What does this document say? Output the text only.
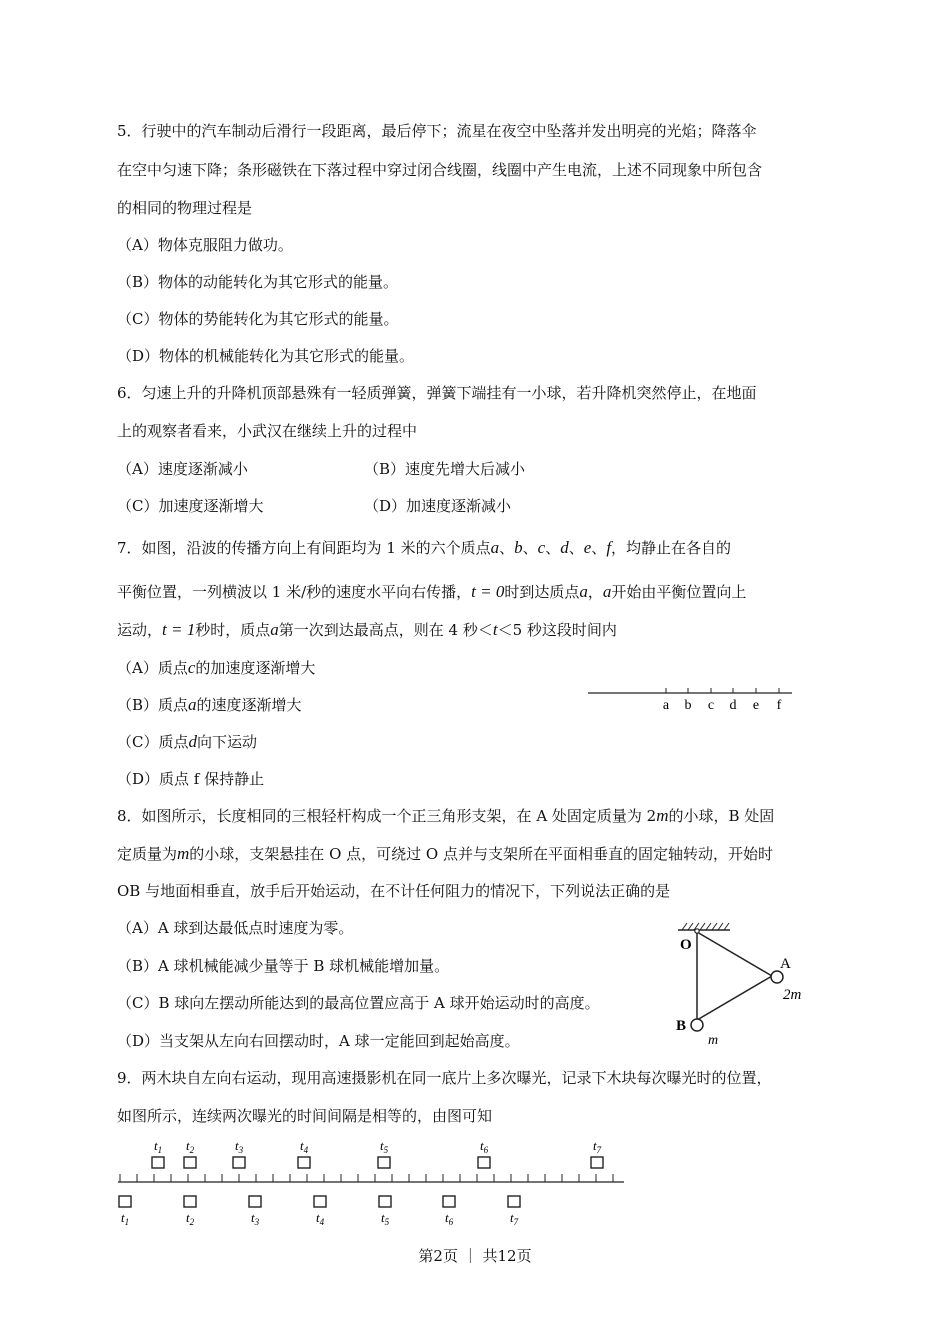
5．行驶中的汽车制动后滑行一段距离，最后停下；流星在夜空中坠落并发出明亮的光焰；降落伞
在空中匀速下降；条形磁铁在下落过程中穿过闭合线圈，线圈中产生电流，上述不同现象中所包含
的相同的物理过程是
（A）物体克服阻力做功。
（B）物体的动能转化为其它形式的能量。
（C）物体的势能转化为其它形式的能量。
（D）物体的机械能转化为其它形式的能量。
6．匀速上升的升降机顶部悬殊有一轻质弹簧，弹簧下端挂有一小球，若升降机突然停止，在地面
上的观察者看来，小武汉在继续上升的过程中
（A）速度逐渐减小	（B）速度先增大后减小
（C）加速度逐渐增大	（D）加速度逐渐减小
7．如图，沿波的传播方向上有间距均为 1 米的六个质点a、b、c、d、e、f，均静止在各自的
平衡位置，一列横波以 1 米/秒的速度水平向右传播，t = 0时到达质点a，a开始由平衡位置向上
运动，t = 1秒时，质点a第一次到达最高点，则在 4 秒＜t＜5 秒这段时间内
（A）质点c的加速度逐渐增大
（B）质点a的速度逐渐增大
（C）质点d向下运动
（D）质点 f 保持静止
a b c d e f
8．如图所示，长度相同的三根轻杆构成一个正三角形支架，在 A 处固定质量为 2m的小球，B 处固
定质量为m的小球，支架悬挂在 O 点，可绕过 O 点并与支架所在平面相垂直的固定轴转动，开始时
OB 与地面相垂直，放手后开始运动，在不计任何阻力的情况下，下列说法正确的是
（A）A 球到达最低点时速度为零。
（B）A 球机械能减少量等于 B 球机械能增加量。
（C）B 球向左摆动所能达到的最高位置应高于 A 球开始运动时的高度。
（D）当支架从左向右回摆动时，A 球一定能回到起始高度。
O
A
2m
B
m
9．两木块自左向右运动，现用高速摄影机在同一底片上多次曝光，记录下木块每次曝光时的位置，
如图所示，连续两次曝光的时间间隔是相等的，由图可知
$t_1$ $t_2$	$t_3$	$t_4$	$t_5$	$t_6$	$t_7$
$t_1$	$t_2$	$t_3$	$t_4$	$t_5$	$t_6$	$t_7$
第2页 ｜ 共12页
